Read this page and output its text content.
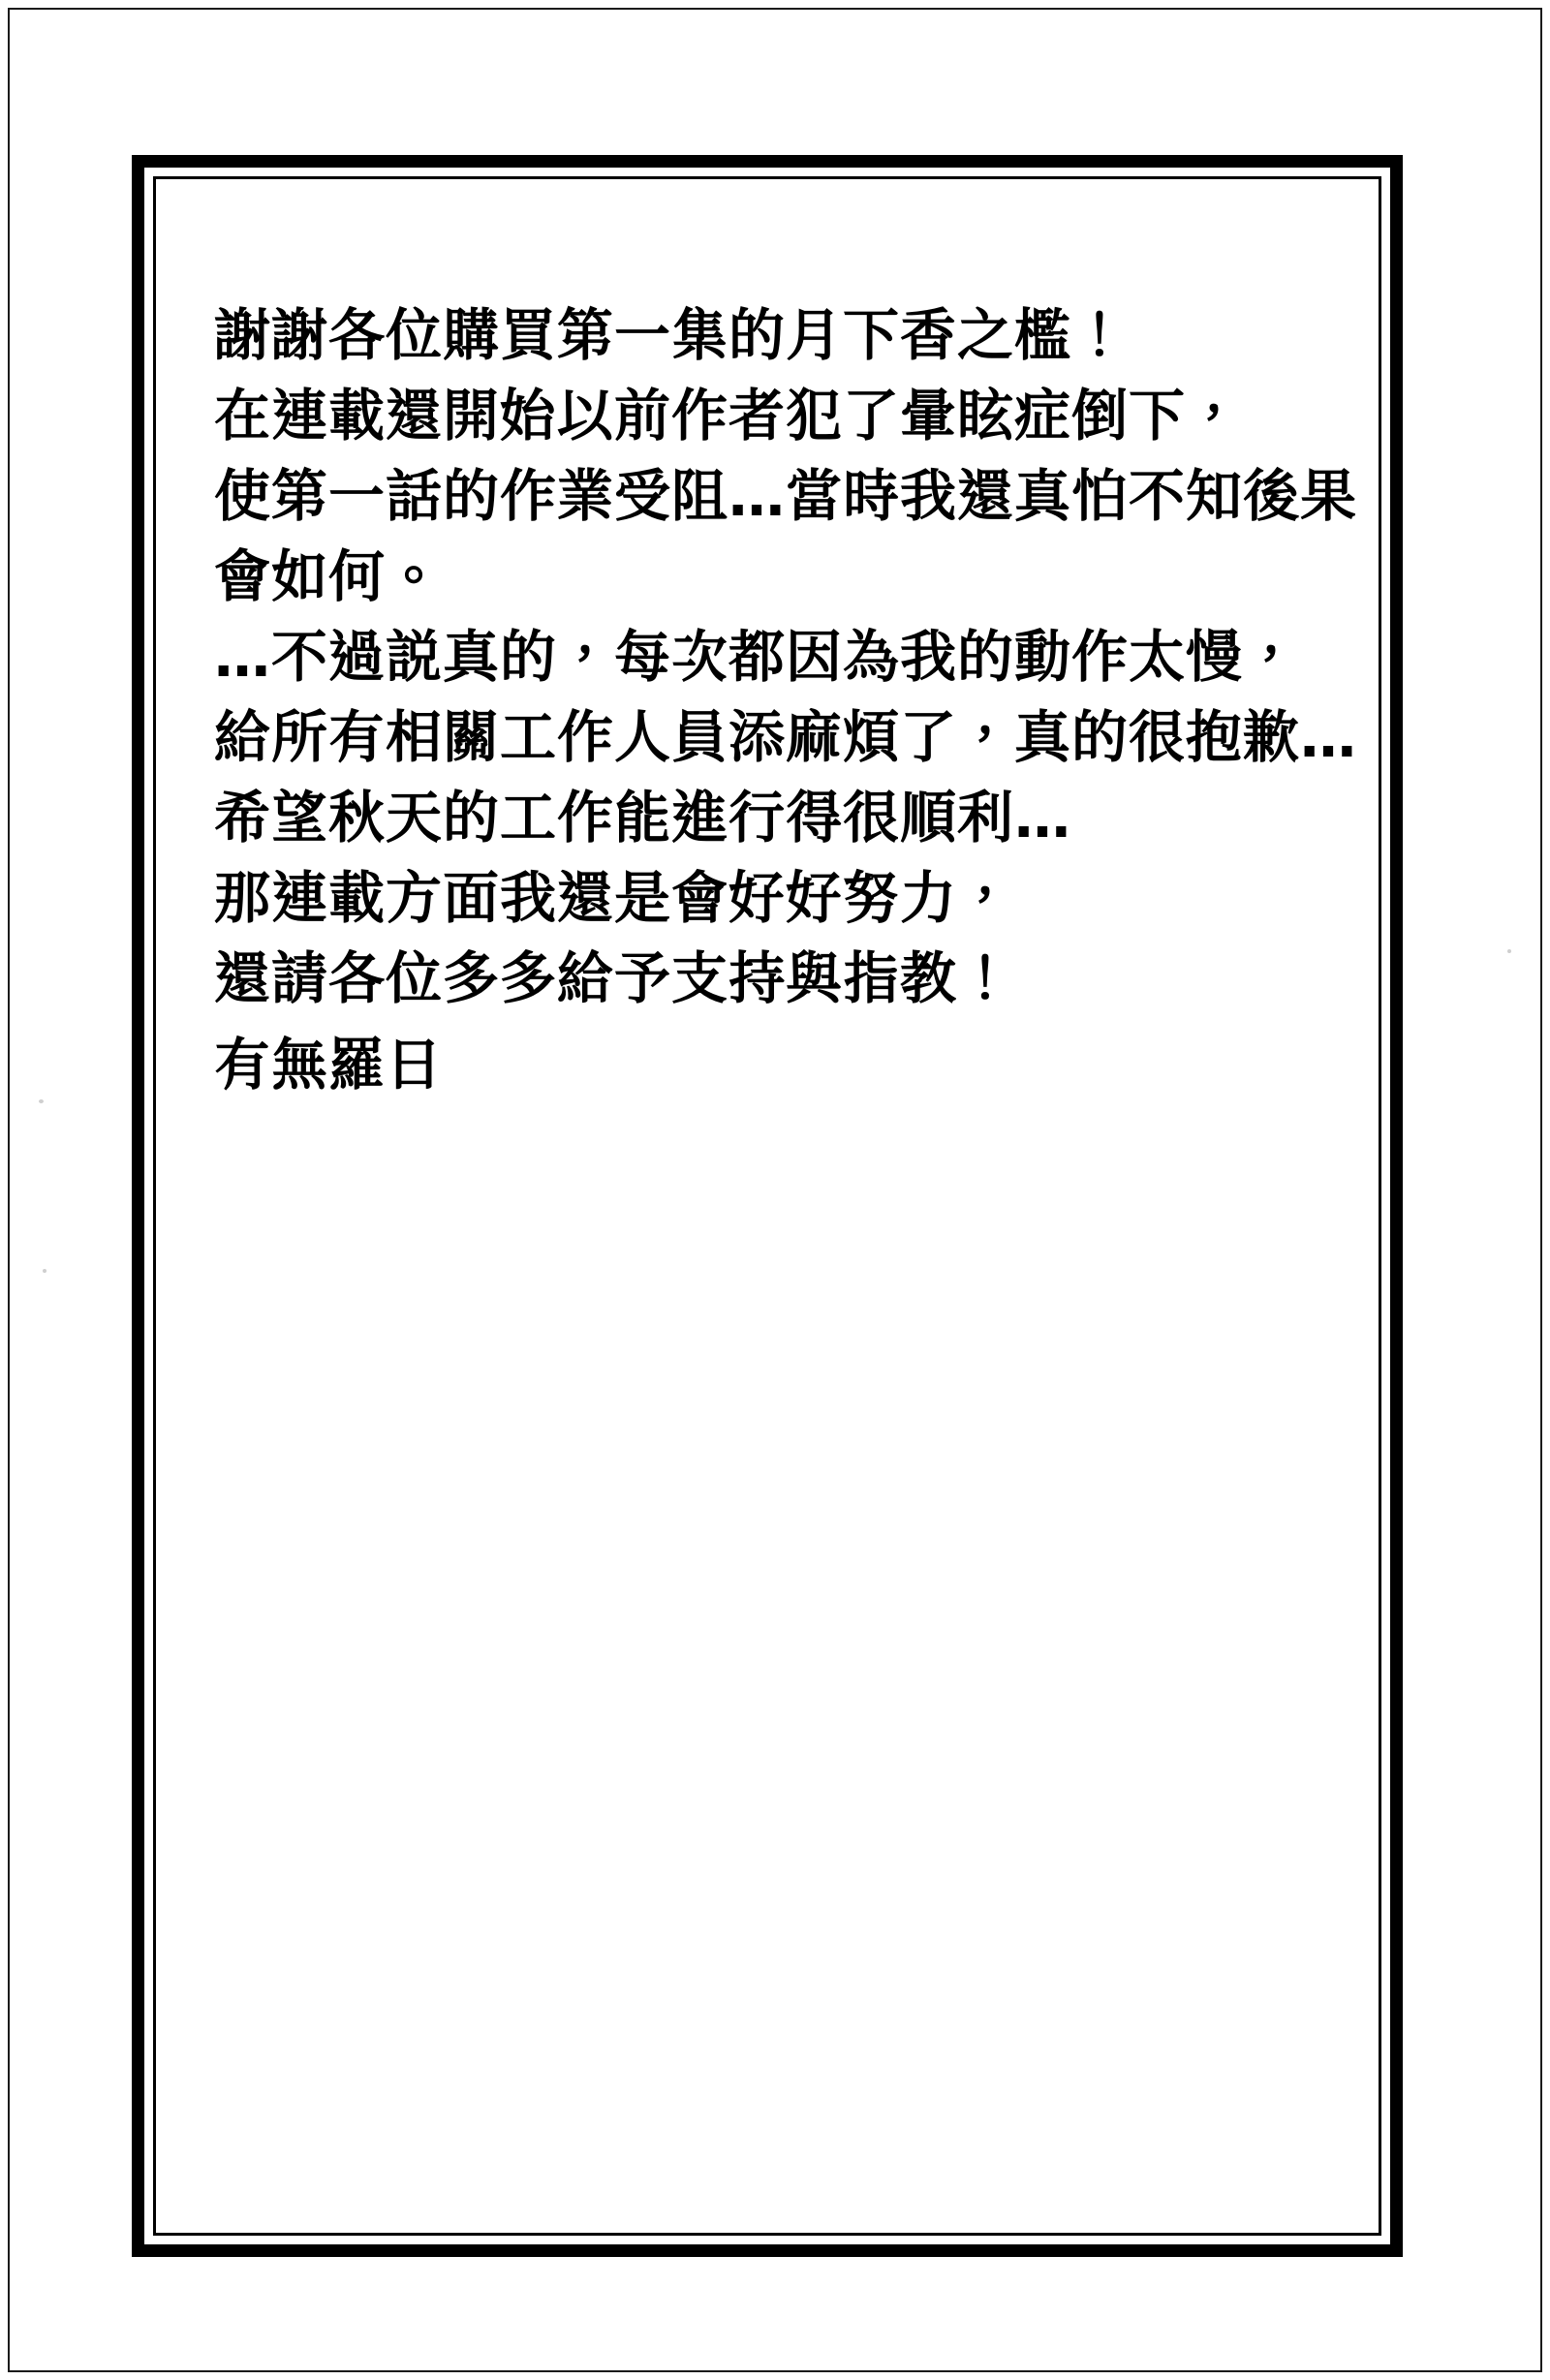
謝謝各位購買第一集的月下香之檻！
在連載還開始以前作者犯了暈眩症倒下，
使第一話的作業受阻…當時我還真怕不知後果
會如何。
…不過説真的，每次都因為我的動作太慢，
給所有相關工作人員添麻煩了，真的很抱歉…
希望秋天的工作能進行得很順利…
那連載方面我還是會好好努力，
還請各位多多給予支持與指教！
有無羅日
